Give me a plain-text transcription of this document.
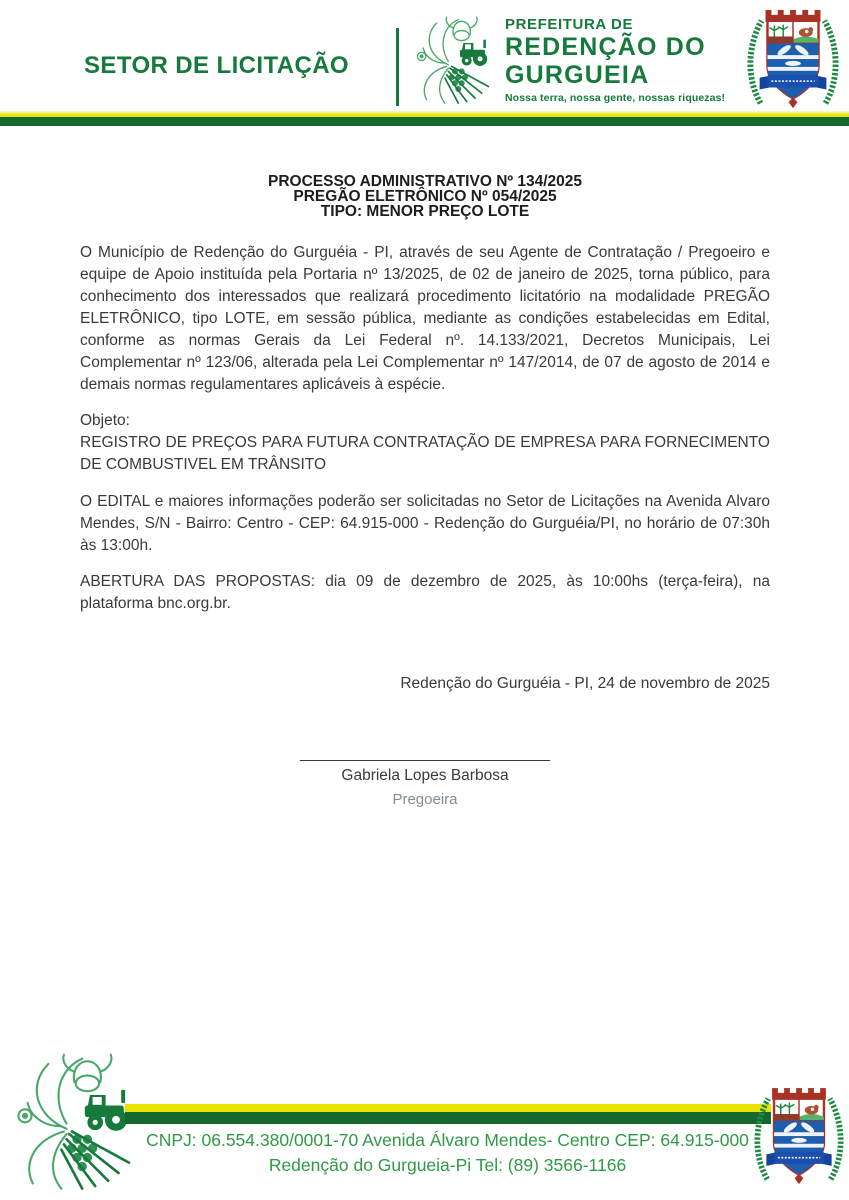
SETOR DE LICITAÇÃO
PREFEITURA DE
REDENÇÃO DO
GURGUEIA
Nossa terra, nossa gente, nossas riquezas!
PROCESSO ADMINISTRATIVO Nº 134/2025
PREGÃO ELETRÔNICO Nº 054/2025
TIPO: MENOR PREÇO LOTE

O Município de Redenção do Gurguéia - PI, através de seu Agente de Contratação / Pregoeiro e equipe de Apoio instituída pela Portaria nº 13/2025, de 02 de janeiro de 2025, torna público, para conhecimento dos interessados que realizará procedimento licitatório na modalidade PREGÃO ELETRÔNICO, tipo LOTE, em sessão pública, mediante as condições estabelecidas em Edital, conforme as normas Gerais da Lei Federal nº. 14.133/2021, Decretos Municipais, Lei Complementar nº 123/06, alterada pela Lei Complementar nº 147/2014, de 07 de agosto de 2014 e demais normas regulamentares aplicáveis à espécie.

Objeto:
REGISTRO DE PREÇOS PARA FUTURA CONTRATAÇÃO DE EMPRESA PARA FORNECIMENTO DE COMBUSTIVEL EM TRÂNSITO

O EDITAL e maiores informações poderão ser solicitadas no Setor de Licitações na Avenida Alvaro Mendes, S/N - Bairro: Centro - CEP: 64.915-000 - Redenção do Gurguéia/PI, no horário de 07:30h às 13:00h.

ABERTURA DAS PROPOSTAS: dia 09 de dezembro de 2025, às 10:00hs (terça-feira), na plataforma bnc.org.br.

Redenção do Gurguéia - PI, 24 de novembro de 2025
_____________________________
Gabriela Lopes Barbosa
Pregoeira
CNPJ: 06.554.380/0001-70 Avenida Álvaro Mendes- Centro CEP: 64.915-000
Redenção do Gurgueia-Pi Tel: (89) 3566-1166
